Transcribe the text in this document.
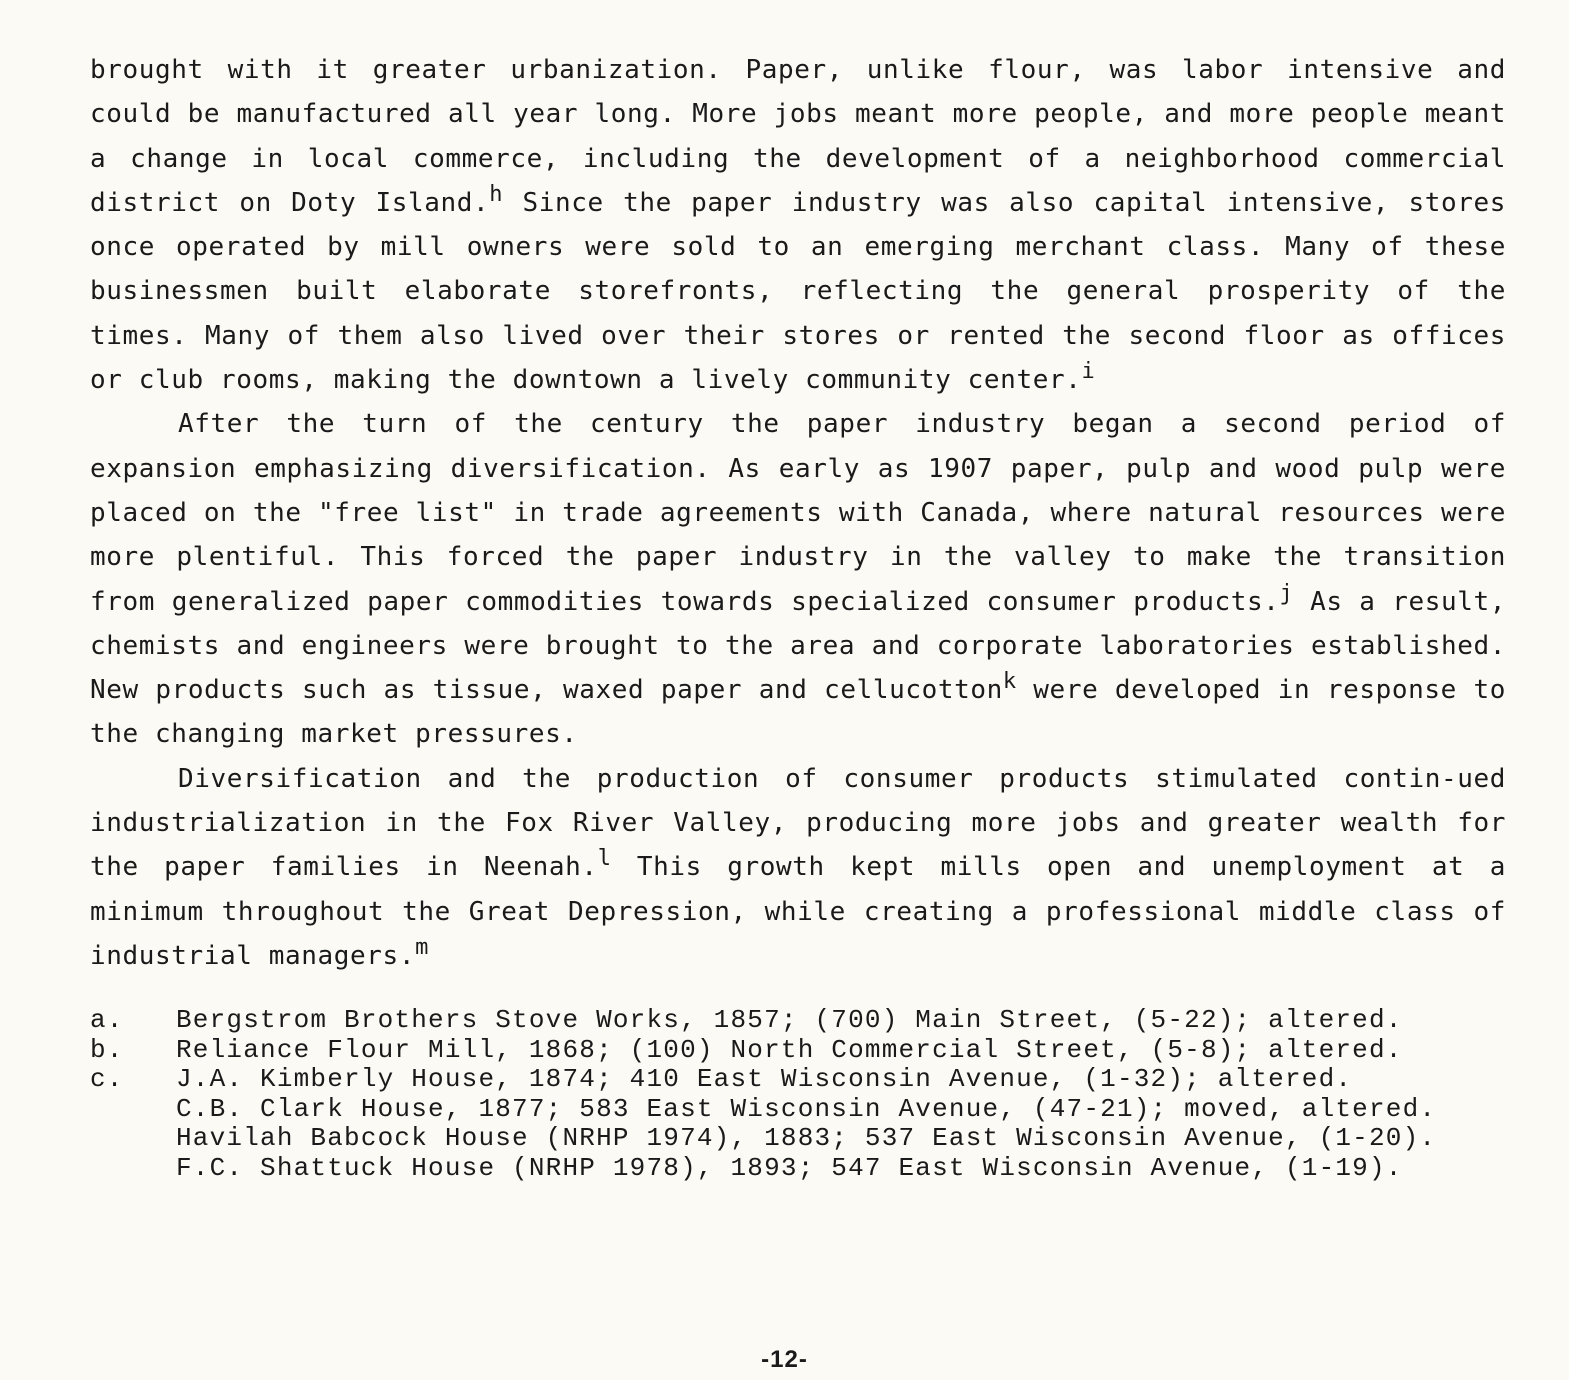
brought with it greater urbanization. Paper, unlike flour, was labor intensive and could be manufactured all year long. More jobs meant more people, and more people meant a change in local commerce, including the development of a neighborhood commercial district on Doty Island.$^h$ Since the paper industry was also capital intensive, stores once operated by mill owners were sold to an emerging merchant class. Many of these businessmen built elaborate storefronts, reflecting the general prosperity of the times. Many of them also lived over their stores or rented the second floor as offices or club rooms, making the downtown a lively community center.$^i$

After the turn of the century the paper industry began a second period of expansion emphasizing diversification. As early as 1907 paper, pulp and wood pulp were placed on the "free list" in trade agreements with Canada, where natural resources were more plentiful. This forced the paper industry in the valley to make the transition from generalized paper commodities towards specialized consumer products.$^j$ As a result, chemists and engineers were brought to the area and corporate laboratories established. New products such as tissue, waxed paper and cellucotton$^k$ were developed in response to the changing market pressures.

Diversification and the production of consumer products stimulated contin-ued industrialization in the Fox River Valley, producing more jobs and greater wealth for the paper families in Neenah.$^l$ This growth kept mills open and unemployment at a minimum throughout the Great Depression, while creating a professional middle class of industrial managers.$^m$

a.	Bergstrom Brothers Stove Works, 1857; (700) Main Street, (5-22); altered.
b.	Reliance Flour Mill, 1868; (100) North Commercial Street, (5-8); altered.
c.	J.A. Kimberly House, 1874; 410 East Wisconsin Avenue, (1-32); altered.
C.B. Clark House, 1877; 583 East Wisconsin Avenue, (47-21); moved, altered.
Havilah Babcock House (NRHP 1974), 1883; 537 East Wisconsin Avenue, (1-20).
F.C. Shattuck House (NRHP 1978), 1893; 547 East Wisconsin Avenue, (1-19).
-12-
